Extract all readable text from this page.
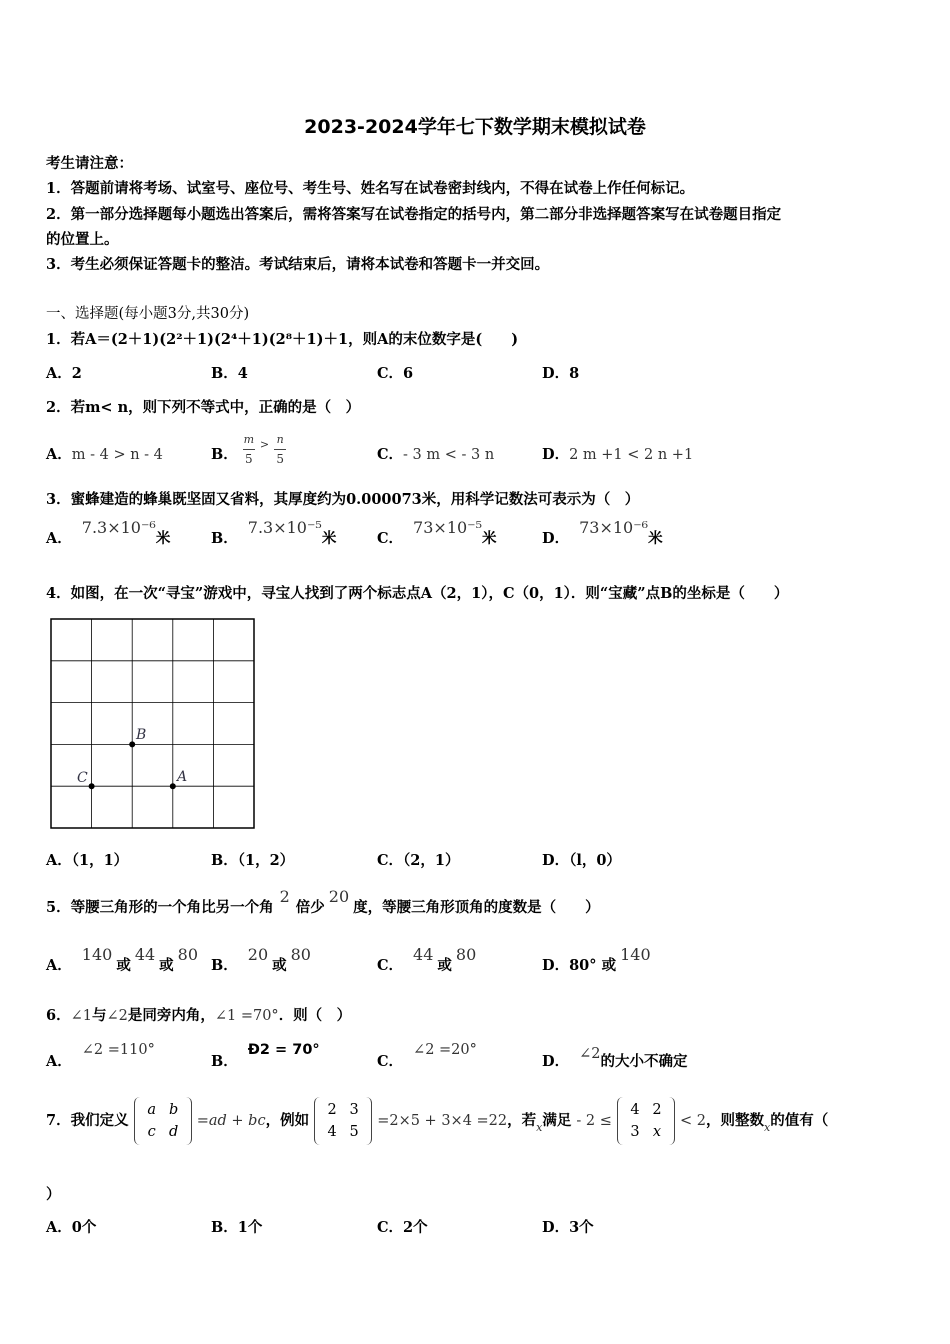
2023-2024学年七下数学期末模拟试卷
考生请注意：
1．答题前请将考场、试室号、座位号、考生号、姓名写在试卷密封线内，不得在试卷上作任何标记。
2．第一部分选择题每小题选出答案后，需将答案写在试卷指定的括号内，第二部分非选择题答案写在试卷题目指定
的位置上。
3．考生必须保证答题卡的整洁。考试结束后，请将本试卷和答题卡一并交回。
一、选择题(每小题3分,共30分)
1．若A＝(2＋1)(2²＋1)(2⁴＋1)(2⁸＋1)＋1，则A的末位数字是(　　)
A．2	B．4	C．6	D．8
2．若m< n，则下列不等式中，正确的是（　）
A．m - 4 > n - 4	B． $\frac{m}{5} > \frac{n}{5}$	C．- 3 m < - 3 n	D．2 m +1 < 2 n +1
3．蜜蜂建造的蜂巢既坚固又省料，其厚度约为0.000073米，用科学记数法可表示为（　）
A．7.3×10⁻⁶米	B．7.3×10⁻⁵米	C．73×10⁻⁵米	D．73×10⁻⁶米
4．如图，在一次“寻宝”游戏中，寻宝人找到了两个标志点A（2，1），C（0，1）．则“宝藏”点B的坐标是（　　）
B
C	A
A．（1，1）	B．（1，2）	C．（2，1）	D．（l，0）
5．等腰三角形的一个角比另一个角2倍少20度，等腰三角形顶角的度数是（　　）
A．140或44或80
B．20或80
C．44或80
D．80° 或140
6．∠1与∠2是同旁内角，∠1 =70°．则（　）
A．∠2 =110°
B．Ð2 = 70°
C．∠2 =20°
D． ∠2的大小不确定
7．我们定义 a b
c d =ad + bc，例如 2 3
4 5 =2×5 + 3×4 =22，若$_x$满足 - 2 ≤ 4 2
3 x < 2，则整数$_x$的值有（
）
A．0个	B．1个	C．2个	D．3个
